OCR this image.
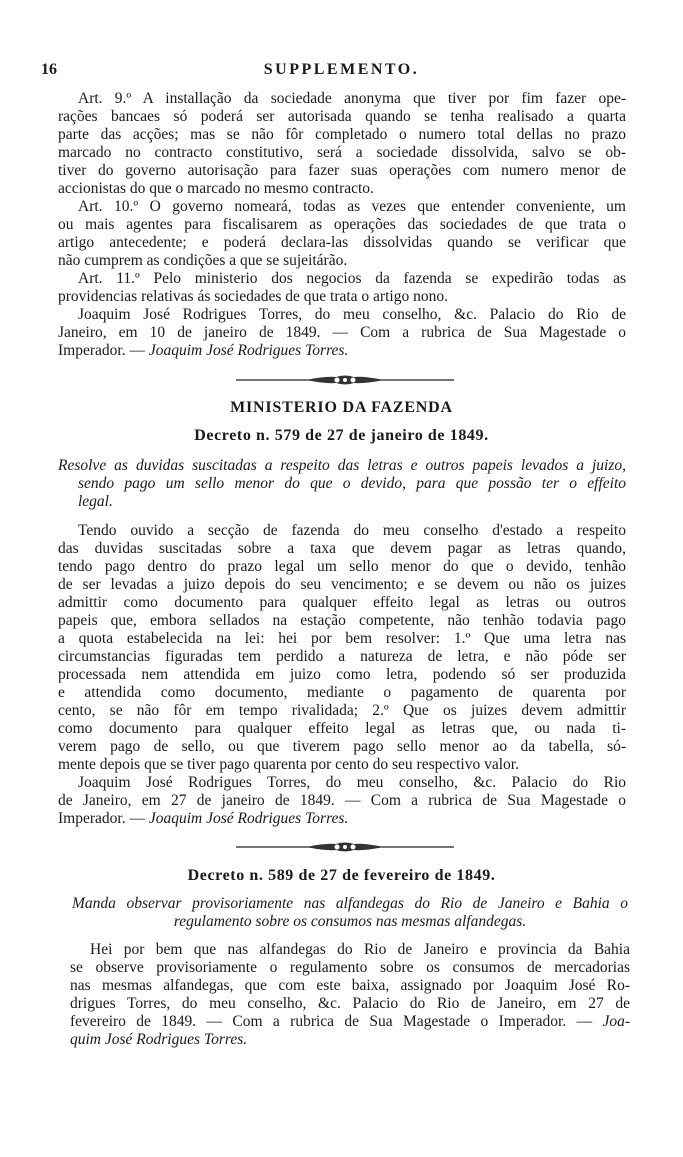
16	SUPPLEMENTO.
Art. 9.º A installação da sociedade anonyma que tiver por fim fazer ope-
rações bancaes só poderá ser autorisada quando se tenha realisado a quarta
parte das acções; mas se não fôr completado o numero total dellas no prazo
marcado no contracto constitutivo, será a sociedade dissolvida, salvo se ob-
tiver do governo autorisação para fazer suas operações com numero menor de
accionistas do que o marcado no mesmo contracto.
Art. 10.º O governo nomeará, todas as vezes que entender conveniente, um
ou mais agentes para fiscalisarem as operações das sociedades de que trata o
artigo antecedente; e poderá declara-las dissolvidas quando se verificar que
não cumprem as condições a que se sujeitárão.
Art. 11.º Pelo ministerio dos negocios da fazenda se expedirão todas as
providencias relativas ás sociedades de que trata o artigo nono.
Joaquim José Rodrigues Torres, do meu conselho, &c. Palacio do Rio de
Janeiro, em 10 de janeiro de 1849. — Com a rubrica de Sua Magestade o
Imperador. — Joaquim José Rodrigues Torres.
MINISTERIO DA FAZENDA
Decreto n. 579 de 27 de janeiro de 1849.
Resolve as duvidas suscitadas a respeito das letras e outros papeis levados a juizo,
sendo pago um sello menor do que o devido, para que possão ter o effeito
legal.
Tendo ouvido a secção de fazenda do meu conselho d'estado a respeito
das duvidas suscitadas sobre a taxa que devem pagar as letras quando,
tendo pago dentro do prazo legal um sello menor do que o devido, tenhão
de ser levadas a juizo depois do seu vencimento; e se devem ou não os juizes
admittir como documento para qualquer effeito legal as letras ou outros
papeis que, embora sellados na estação competente, não tenhão todavia pago
a quota estabelecida na lei: hei por bem resolver: 1.º Que uma letra nas
circumstancias figuradas tem perdido a natureza de letra, e não póde ser
processada nem attendida em juizo como letra, podendo só ser produzida
e attendida como documento, mediante o pagamento de quarenta por
cento, se não fôr em tempo rivalidada; 2.º Que os juizes devem admittir
como documento para qualquer effeito legal as letras que, ou nada ti-
verem pago de sello, ou que tiverem pago sello menor ao da tabella, só-
mente depois que se tiver pago quarenta por cento do seu respectivo valor.
Joaquim José Rodrigues Torres, do meu conselho, &c. Palacio do Rio
de Janeiro, em 27 de janeiro de 1849. — Com a rubrica de Sua Magestade o
Imperador. — Joaquim José Rodrigues Torres.
Decreto n. 589 de 27 de fevereiro de 1849.
Manda observar provisoriamente nas alfandegas do Rio de Janeiro e Bahia o
regulamento sobre os consumos nas mesmas alfandegas.
Hei por bem que nas alfandegas do Rio de Janeiro e provincia da Bahia
se observe provisoriamente o regulamento sobre os consumos de mercadorias
nas mesmas alfandegas, que com este baixa, assignado por Joaquim José Ro-
drigues Torres, do meu conselho, &c. Palacio do Rio de Janeiro, em 27 de
fevereiro de 1849. — Com a rubrica de Sua Magestade o Imperador. — Joa-
quim José Rodrigues Torres.
